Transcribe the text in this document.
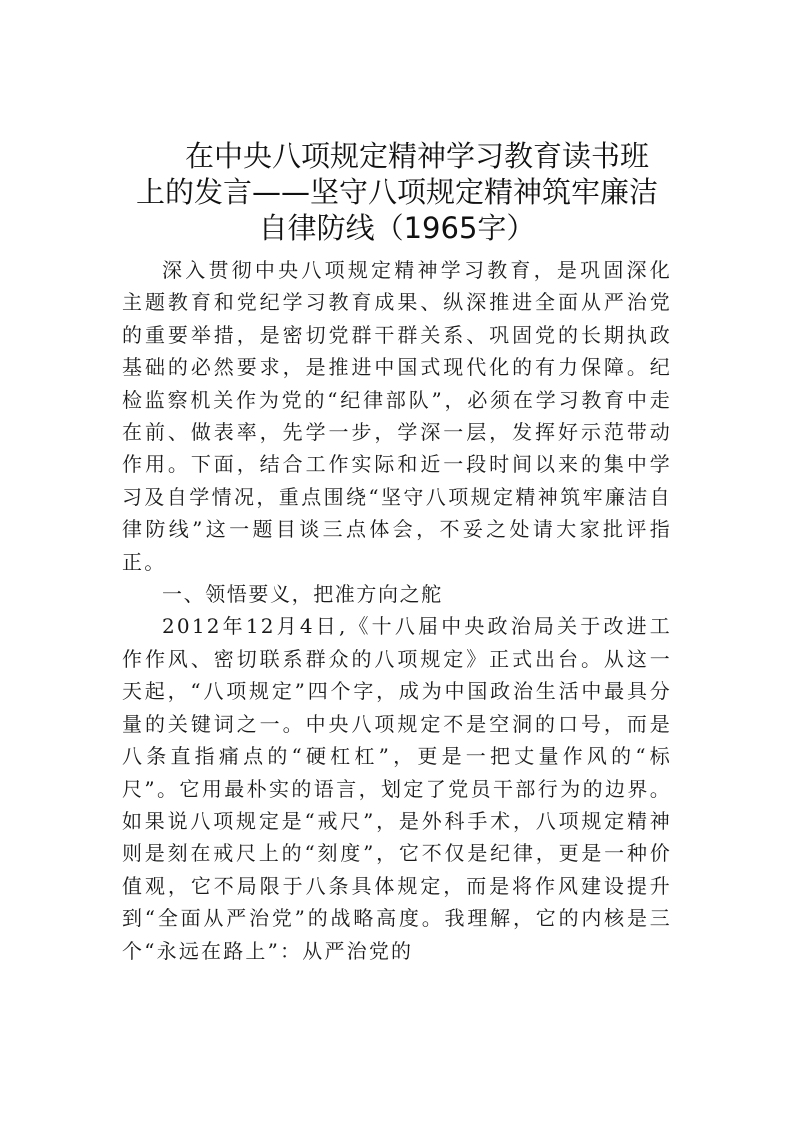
在中央八项规定精神学习教育读书班
上的发言——坚守八项规定精神筑牢廉洁
自律防线（1965字）

深入贯彻中央八项规定精神学习教育，是巩固深化主题教育和党纪学习教育成果、纵深推进全面从严治党的重要举措，是密切党群干群关系、巩固党的长期执政基础的必然要求，是推进中国式现代化的有力保障。纪检监察机关作为党的“纪律部队”，必须在学习教育中走在前、做表率，先学一步，学深一层，发挥好示范带动作用。下面，结合工作实际和近一段时间以来的集中学习及自学情况，重点围绕“坚守八项规定精神筑牢廉洁自律防线”这一题目谈三点体会，不妥之处请大家批评指正。

一、领悟要义，把准方向之舵

2012年12月4日,《十八届中央政治局关于改进工作作风、密切联系群众的八项规定》正式出台。从这一天起，“八项规定”四个字，成为中国政治生活中最具分量的关键词之一。中央八项规定不是空洞的口号，而是八条直指痛点的“硬杠杠”，更是一把丈量作风的“标尺”。它用最朴实的语言，划定了党员干部行为的边界。如果说八项规定是“戒尺”，是外科手术，八项规定精神则是刻在戒尺上的“刻度”，它不仅是纪律，更是一种价值观，它不局限于八条具体规定，而是将作风建设提升到“全面从严治党”的战略高度。我理解，它的内核是三个“永远在路上”：从严治党的
